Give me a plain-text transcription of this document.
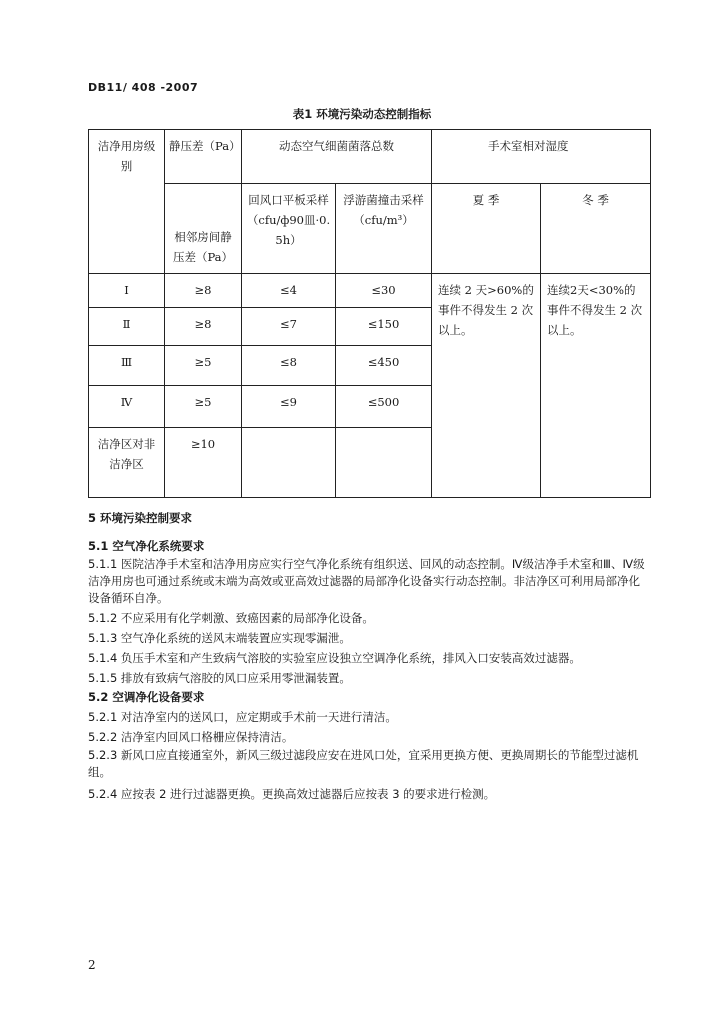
DB11/ 408 -2007
表1 环境污染动态控制指标
洁净用房级 别	静压差（Pa）	动态空气细菌菌落总数		手术室相对湿度	
	相邻房间静压差（Pa）	回风口平板采样（cfu/ф90皿·0.5h）	浮游菌撞击采样（cfu/m³）	夏 季	冬 季
Ⅰ	≥8	≤4	≤30	连续 2 天>60%的事件不得发生 2 次以上。	连续2天<30%的事件不得发生 2 次以上。
Ⅱ	≥8	≤7	≤150		
Ⅲ	≥5	≤8	≤450		
Ⅳ	≥5	≤9	≤500		
洁净区对非洁净区	≥10				
5 环境污染控制要求
5.1 空气净化系统要求
5.1.1 医院洁净手术室和洁净用房应实行空气净化系统有组织送、回风的动态控制。Ⅳ级洁净手术室和Ⅲ、Ⅳ级洁净用房也可通过系统或末端为高效或亚高效过滤器的局部净化设备实行动态控制。非洁净区可利用局部净化设备循环自净。
5.1.2 不应采用有化学刺激、致癌因素的局部净化设备。
5.1.3 空气净化系统的送风末端装置应实现零漏泄。
5.1.4 负压手术室和产生致病气溶胶的实验室应设独立空调净化系统，排风入口安装高效过滤器。
5.1.5 排放有致病气溶胶的风口应采用零泄漏装置。
5.2 空调净化设备要求
5.2.1 对洁净室内的送风口，应定期或手术前一天进行清洁。
5.2.2 洁净室内回风口格栅应保持清洁。
5.2.3 新风口应直接通室外，新风三级过滤段应安在进风口处，宜采用更换方便、更换周期长的节能型过滤机组。
5.2.4 应按表 2 进行过滤器更换。更换高效过滤器后应按表 3 的要求进行检测。
2
